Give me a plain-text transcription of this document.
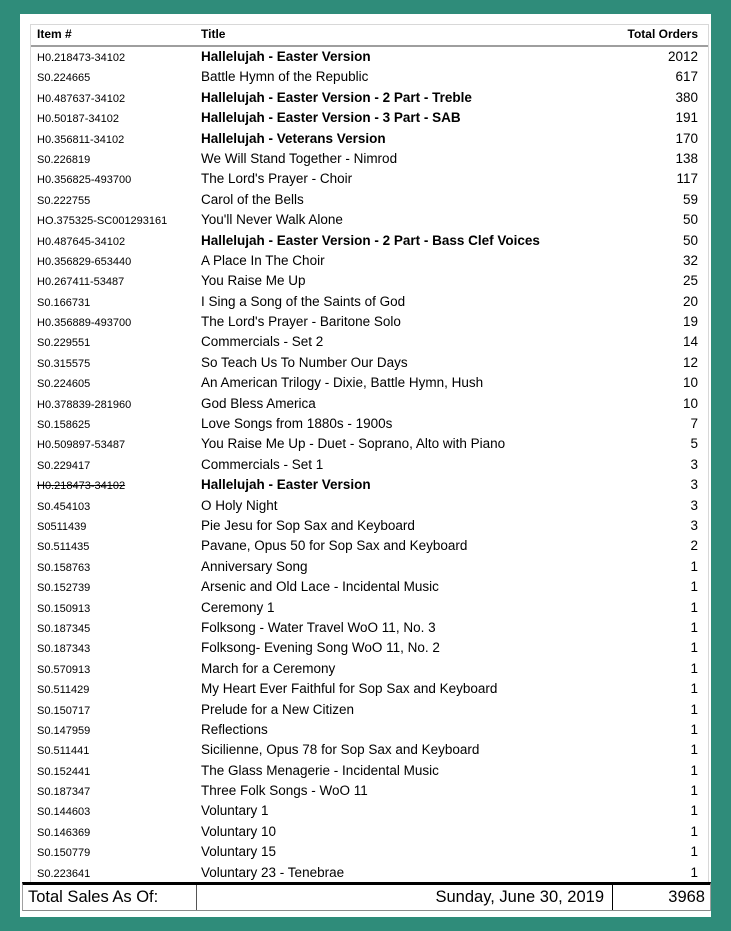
Item #	Title	Total Orders
H0.218473-34102	Hallelujah - Easter Version	2012
S0.224665	Battle Hymn of the Republic	617
H0.487637-34102	Hallelujah - Easter Version - 2 Part - Treble	380
H0.50187-34102	Hallelujah - Easter Version - 3 Part - SAB	191
H0.356811-34102	Hallelujah - Veterans Version	170
S0.226819	We Will Stand Together - Nimrod	138
H0.356825-493700	The Lord's Prayer - Choir	117
S0.222755	Carol of the Bells	59
HO.375325-SC001293161	You'll Never Walk Alone	50
H0.487645-34102	Hallelujah - Easter Version - 2 Part - Bass Clef Voices	50
H0.356829-653440	A Place In The Choir	32
H0.267411-53487	You Raise Me Up	25
S0.166731	I Sing a Song of the Saints of God	20
H0.356889-493700	The Lord's Prayer - Baritone Solo	19
S0.229551	Commercials - Set 2	14
S0.315575	So Teach Us To Number Our Days	12
S0.224605	An American Trilogy - Dixie, Battle Hymn, Hush	10
H0.378839-281960	God Bless America	10
S0.158625	Love Songs from 1880s - 1900s	7
H0.509897-53487	You Raise Me Up - Duet - Soprano, Alto with Piano	5
S0.229417	Commercials - Set 1	3
H0.218473-34102	Hallelujah - Easter Version	3
S0.454103	O Holy Night	3
S0511439	Pie Jesu for Sop Sax and Keyboard	3
S0.511435	Pavane, Opus 50 for Sop Sax and Keyboard	2
S0.158763	Anniversary Song	1
S0.152739	Arsenic and Old Lace - Incidental Music	1
S0.150913	Ceremony 1	1
S0.187345	Folksong - Water Travel WoO 11, No. 3	1
S0.187343	Folksong- Evening Song WoO 11, No. 2	1
S0.570913	March for a Ceremony	1
S0.511429	My Heart Ever Faithful for Sop Sax and Keyboard	1
S0.150717	Prelude for a New Citizen	1
S0.147959	Reflections	1
S0.511441	Sicilienne, Opus 78 for Sop Sax and Keyboard	1
S0.152441	The Glass Menagerie - Incidental Music	1
S0.187347	Three Folk Songs - WoO 11	1
S0.144603	Voluntary 1	1
S0.146369	Voluntary 10	1
S0.150779	Voluntary 15	1
S0.223641	Voluntary 23 - Tenebrae	1
Total Sales As Of:	Sunday, June 30, 2019	3968
